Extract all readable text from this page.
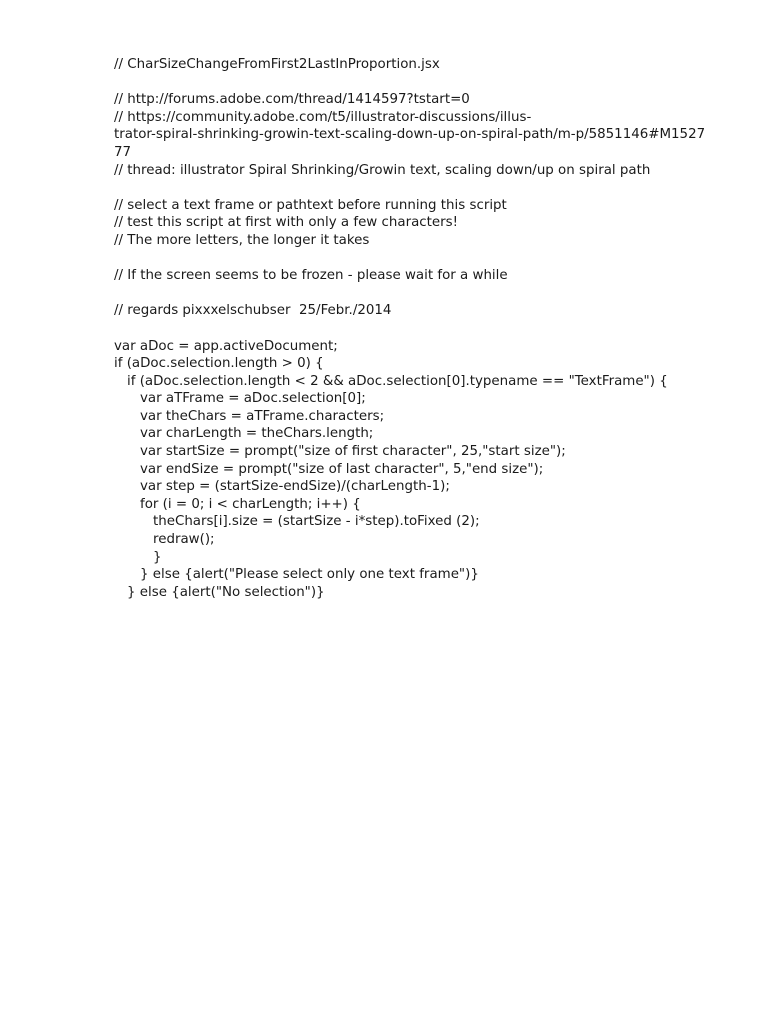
// CharSizeChangeFromFirst2LastInProportion.jsx
// http://forums.adobe.com/thread/1414597?tstart=0
// https://community.adobe.com/t5/illustrator-discussions/illus-
trator-spiral-shrinking-growin-text-scaling-down-up-on-spiral-path/m-p/5851146#M1527
77
// thread: illustrator Spiral Shrinking/Growin text, scaling down/up on spiral path
// select a text frame or pathtext before running this script
// test this script at first with only a few characters!
// The more letters, the longer it takes
// If the screen seems to be frozen - please wait for a while
// regards pixxxelschubser  25/Febr./2014
var aDoc = app.activeDocument;
if (aDoc.selection.length > 0) {
if (aDoc.selection.length < 2 && aDoc.selection[0].typename == "TextFrame") {
var aTFrame = aDoc.selection[0];
var theChars = aTFrame.characters;
var charLength = theChars.length;
var startSize = prompt("size of first character", 25,"start size");
var endSize = prompt("size of last character", 5,"end size");
var step = (startSize-endSize)/(charLength-1);
for (i = 0; i < charLength; i++) {
theChars[i].size = (startSize - i*step).toFixed (2);
redraw();
}
} else {alert("Please select only one text frame")}
} else {alert("No selection")}
